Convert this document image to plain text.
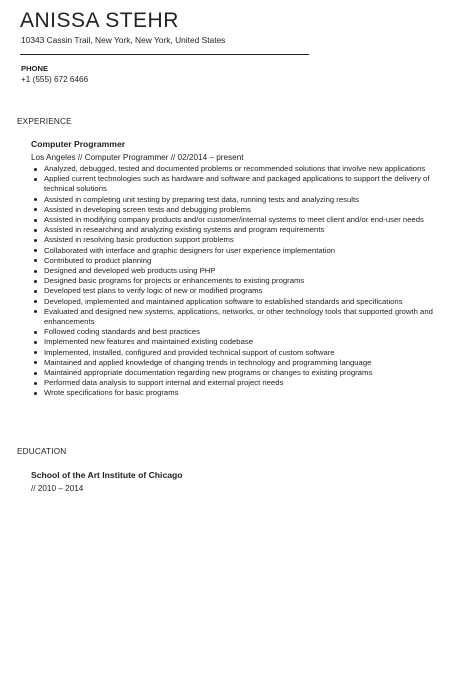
ANISSA STEHR
10343 Cassin Trail, New York, New York, United States
PHONE
+1 (555) 672 6466
EXPERIENCE
Computer Programmer
Los Angeles // Computer Programmer // 02/2014 – present
Analyzed, debugged, tested and documented problems or recommended solutions that involve new applications
Applied current technologies such as hardware and software and packaged applications to support the delivery of technical solutions
Assisted in completing unit testing by preparing test data, running tests and analyzing results
Assisted in developing screen tests and debugging problems
Assisted in modifying company products and/or customer/internal systems to meet client and/or end-user needs
Assisted in researching and analyzing existing systems and program requirements
Assisted in resolving basic production support problems
Collaborated with interface and graphic designers for user experience implementation
Contributed to product planning
Designed and developed web products using PHP
Designed basic programs for projects or enhancements to existing programs
Developed test plans to verify logic of new or modified programs
Developed, implemented and maintained application software to established standards and specifications
Evaluated and designed new systems, applications, networks, or other technology tools that supported growth and enhancements
Followed coding standards and best practices
Implemented new features and maintained existing codebase
Implemented, installed, configured and provided technical support of custom software
Maintained and applied knowledge of changing trends in technology and programming language
Maintained appropriate documentation regarding new programs or changes to existing programs
Performed data analysis to support internal and external project needs
Wrote specifications for basic programs
EDUCATION
School of the Art Institute of Chicago
// 2010 – 2014
